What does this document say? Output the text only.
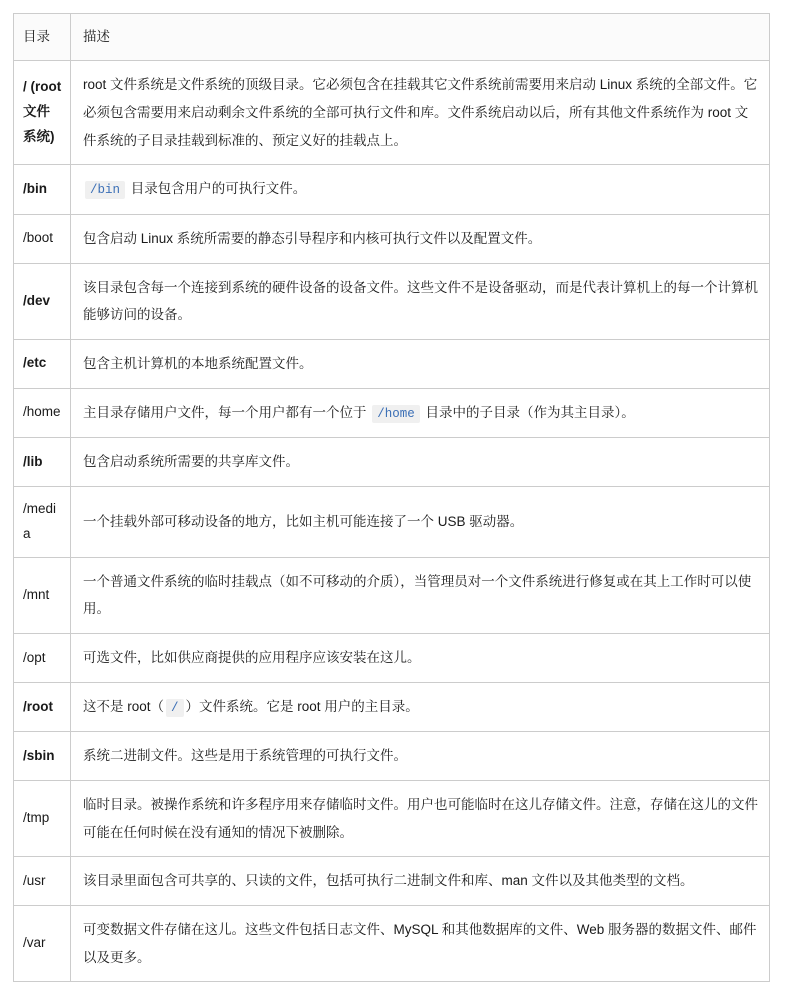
目录	描述
/ (root 文件系统)	root 文件系统是文件系统的顶级目录。它必须包含在挂载其它文件系统前需要用来启动 Linux 系统的全部文件。它必须包含需要用来启动剩余文件系统的全部可执行文件和库。文件系统启动以后，所有其他文件系统作为 root 文件系统的子目录挂载到标准的、预定义好的挂载点上。
/bin	/bin 目录包含用户的可执行文件。
/boot	包含启动 Linux 系统所需要的静态引导程序和内核可执行文件以及配置文件。
/dev	该目录包含每一个连接到系统的硬件设备的设备文件。这些文件不是设备驱动，而是代表计算机上的每一个计算机能够访问的设备。
/etc	包含主机计算机的本地系统配置文件。
/home	主目录存储用户文件，每一个用户都有一个位于 /home 目录中的子目录（作为其主目录）。
/lib	包含启动系统所需要的共享库文件。
/media	一个挂载外部可移动设备的地方，比如主机可能连接了一个 USB 驱动器。
/mnt	一个普通文件系统的临时挂载点（如不可移动的介质），当管理员对一个文件系统进行修复或在其上工作时可以使用。
/opt	可选文件，比如供应商提供的应用程序应该安装在这儿。
/root	这不是 root（ / ）文件系统。它是 root 用户的主目录。
/sbin	系统二进制文件。这些是用于系统管理的可执行文件。
/tmp	临时目录。被操作系统和许多程序用来存储临时文件。用户也可能临时在这儿存储文件。注意，存储在这儿的文件可能在任何时候在没有通知的情况下被删除。
/usr	该目录里面包含可共享的、只读的文件，包括可执行二进制文件和库、man 文件以及其他类型的文档。
/var	可变数据文件存储在这儿。这些文件包括日志文件、MySQL 和其他数据库的文件、Web 服务器的数据文件、邮件以及更多。
